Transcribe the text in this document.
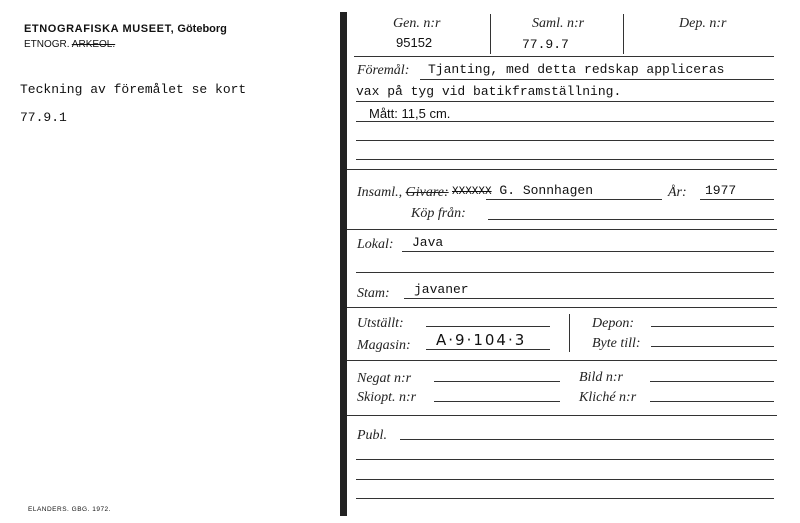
ETNOGRAFISKA MUSEET, Göteborg
ETNOGR. ARKEOL.
Teckning av föremålet se kort
77.9.1
ELANDERS. GBG. 1972.
Gen. n:r
95152
Saml. n:r
77.9.7
Dep. n:r
Föremål: Tjanting, med detta redskap appliceras
vax på tyg vid batikframställning.
Mått: 11,5 cm.
Insaml., Givare: XXXXXX G. Sonnhagen	År: 1977
Köp från:
Lokal: Java
Stam: javaner
Utställt:
Magasin: A·9·104·3
Depon:
Byte till:
Negat n:r	Bild n:r
Skiopt. n:r	Kliché n:r
Publ.
